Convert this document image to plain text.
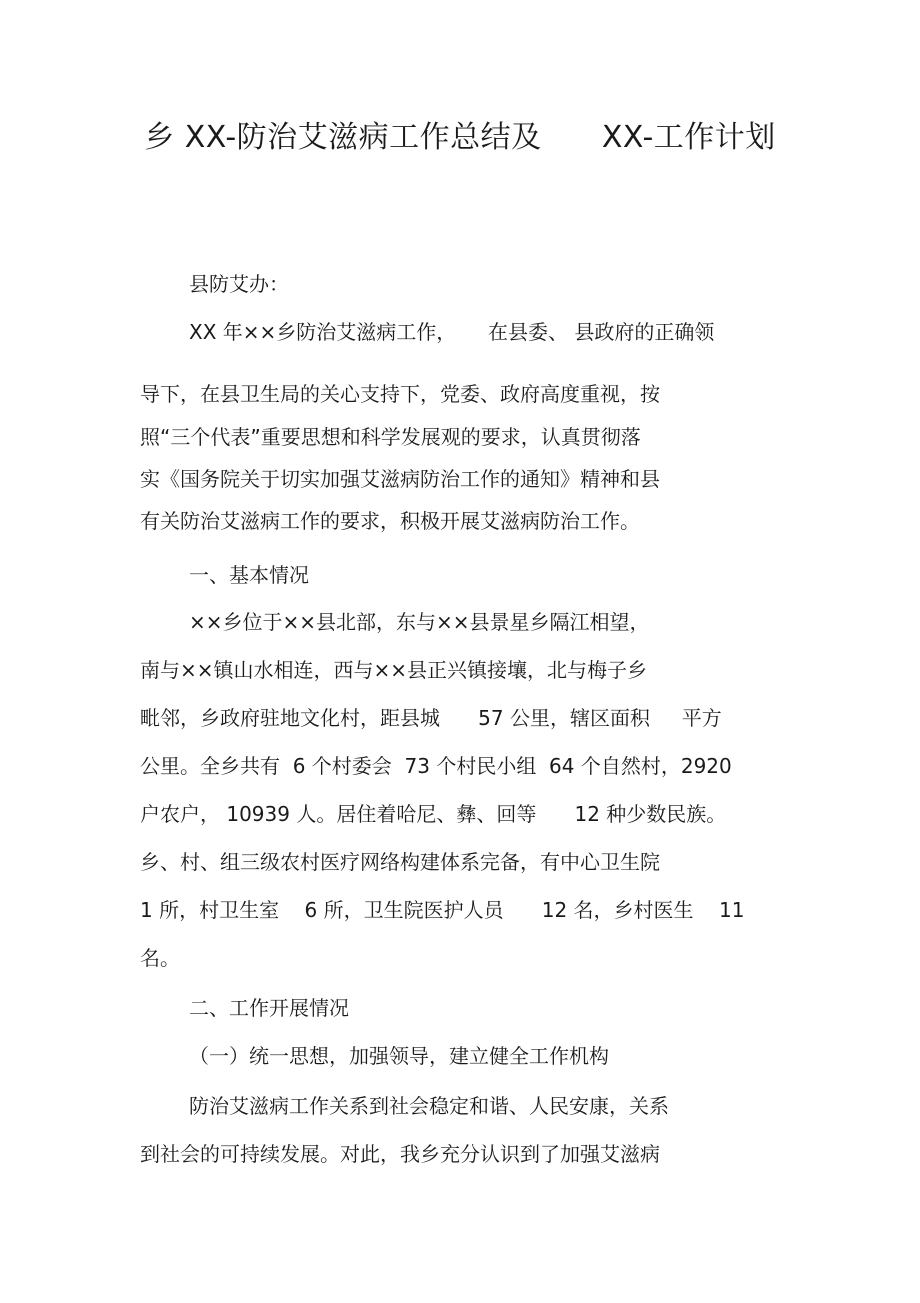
乡 XX-防治艾滋病工作总结及      XX-工作计划
县防艾办：
XX 年××乡防治艾滋病工作，     在县委、 县政府的正确领
导下，在县卫生局的关心支持下，党委、政府高度重视，按
照“三个代表”重要思想和科学发展观的要求，认真贯彻落
实《国务院关于切实加强艾滋病防治工作的通知》精神和县
有关防治艾滋病工作的要求，积极开展艾滋病防治工作。
一、基本情况
××乡位于××县北部，东与××县景星乡隔江相望，
南与××镇山水相连，西与××县正兴镇接壤，北与梅子乡
毗邻，乡政府驻地文化村，距县城      57 公里，辖区面积     平方
公里。全乡共有  6 个村委会  73 个村民小组  64 个自然村，2920
户农户， 10939 人。居住着哈尼、彝、回等      12 种少数民族。
乡、村、组三级农村医疗网络构建体系完备，有中心卫生院
1 所，村卫生室    6 所，卫生院医护人员      12 名，乡村医生    11
名。
二、工作开展情况
（一）统一思想，加强领导，建立健全工作机构
防治艾滋病工作关系到社会稳定和谐、人民安康，关系
到社会的可持续发展。对此，我乡充分认识到了加强艾滋病
